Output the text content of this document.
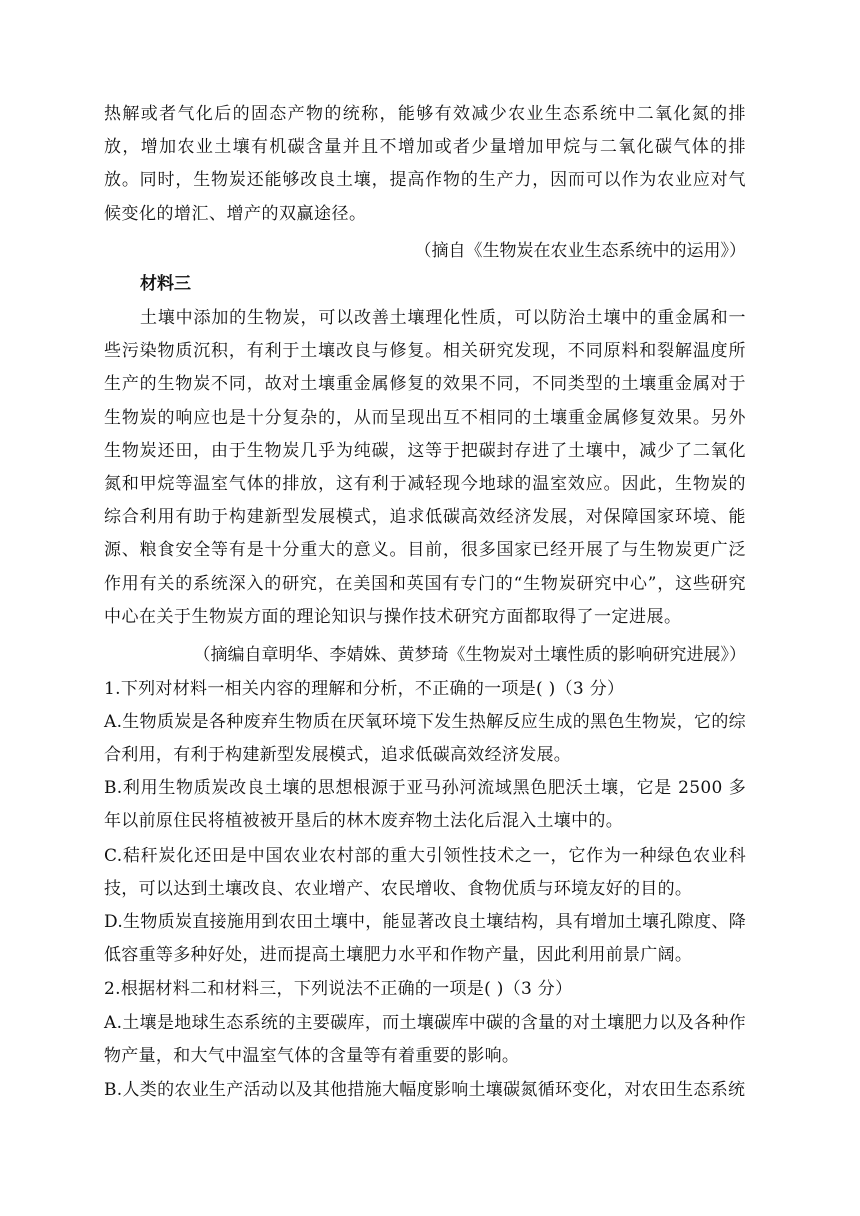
热解或者气化后的固态产物的统称，能够有效减少农业生态系统中二氧化氮的排放，增加农业土壤有机碳含量并且不增加或者少量增加甲烷与二氧化碳气体的排放。同时，生物炭还能够改良土壤，提高作物的生产力，因而可以作为农业应对气候变化的增汇、增产的双赢途径。
（摘自《生物炭在农业生态系统中的运用》）
材料三
土壤中添加的生物炭，可以改善土壤理化性质，可以防治土壤中的重金属和一些污染物质沉积，有利于土壤改良与修复。相关研究发现，不同原料和裂解温度所生产的生物炭不同，故对土壤重金属修复的效果不同，不同类型的土壤重金属对于生物炭的响应也是十分复杂的，从而呈现出互不相同的土壤重金属修复效果。另外生物炭还田，由于生物炭几乎为纯碳，这等于把碳封存进了土壤中，减少了二氧化氮和甲烷等温室气体的排放，这有利于减轻现今地球的温室效应。因此，生物炭的综合利用有助于构建新型发展模式，追求低碳高效经济发展，对保障国家环境、能源、粮食安全等有是十分重大的意义。目前，很多国家已经开展了与生物炭更广泛作用有关的系统深入的研究，在美国和英国有专门的“生物炭研究中心”，这些研究中心在关于生物炭方面的理论知识与操作技术研究方面都取得了一定进展。
（摘编自章明华、李婧姝、黄梦琦《生物炭对土壤性质的影响研究进展》）
1.下列对材料一相关内容的理解和分析，不正确的一项是( )（3 分）
A.生物质炭是各种废弃生物质在厌氧环境下发生热解反应生成的黑色生物炭，它的综合利用，有利于构建新型发展模式，追求低碳高效经济发展。
B.利用生物质炭改良土壤的思想根源于亚马孙河流域黑色肥沃土壤，它是 2500 多年以前原住民将植被被开垦后的林木废弃物土法化后混入土壤中的。
C.秸秆炭化还田是中国农业农村部的重大引领性技术之一，它作为一种绿色农业科技，可以达到土壤改良、农业增产、农民增收、食物优质与环境友好的目的。
D.生物质炭直接施用到农田土壤中，能显著改良土壤结构，具有增加土壤孔隙度、降低容重等多种好处，进而提高土壤肥力水平和作物产量，因此利用前景广阔。
2.根据材料二和材料三，下列说法不正确的一项是( )（3 分）
A.土壤是地球生态系统的主要碳库，而土壤碳库中碳的含量的对土壤肥力以及各种作物产量，和大气中温室气体的含量等有着重要的影响。
B.人类的农业生产活动以及其他措施大幅度影响土壤碳氮循环变化，对农田生态系统
